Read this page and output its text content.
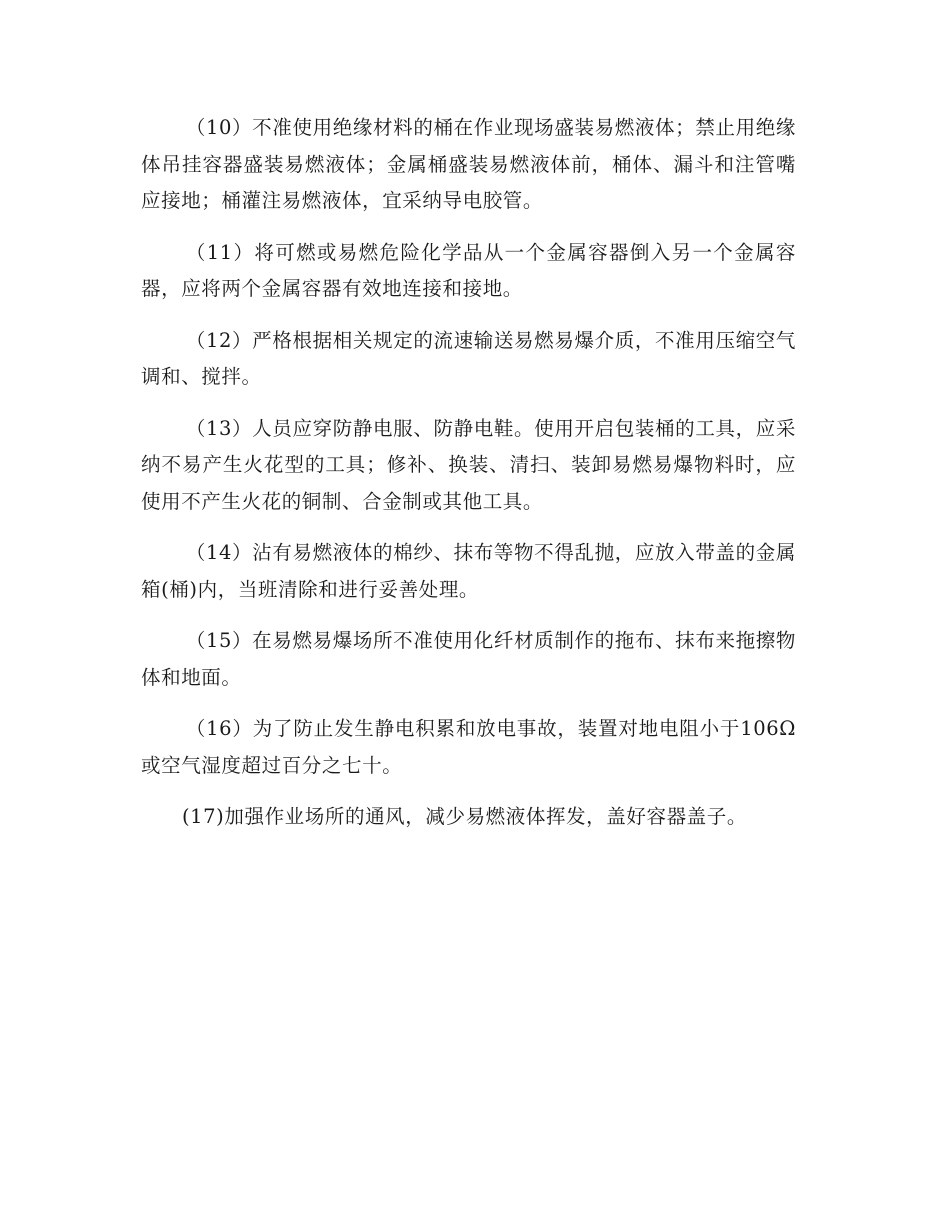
（10）不准使用绝缘材料的桶在作业现场盛装易燃液体；禁止用绝缘体吊挂容器盛装易燃液体；金属桶盛装易燃液体前，桶体、漏斗和注管嘴应接地；桶灌注易燃液体，宜采纳导电胶管。

（11）将可燃或易燃危险化学品从一个金属容器倒入另一个金属容器，应将两个金属容器有效地连接和接地。

（12）严格根据相关规定的流速输送易燃易爆介质，不准用压缩空气调和、搅拌。

（13）人员应穿防静电服、防静电鞋。使用开启包装桶的工具，应采纳不易产生火花型的工具；修补、换装、清扫、装卸易燃易爆物料时，应使用不产生火花的铜制、合金制或其他工具。

（14）沾有易燃液体的棉纱、抹布等物不得乱抛，应放入带盖的金属箱(桶)内，当班清除和进行妥善处理。

（15）在易燃易爆场所不准使用化纤材质制作的拖布、抹布来拖擦物体和地面。

（16）为了防止发生静电积累和放电事故，装置对地电阻小于106Ω 或空气湿度超过百分之七十。

(17)加强作业场所的通风，减少易燃液体挥发，盖好容器盖子。
